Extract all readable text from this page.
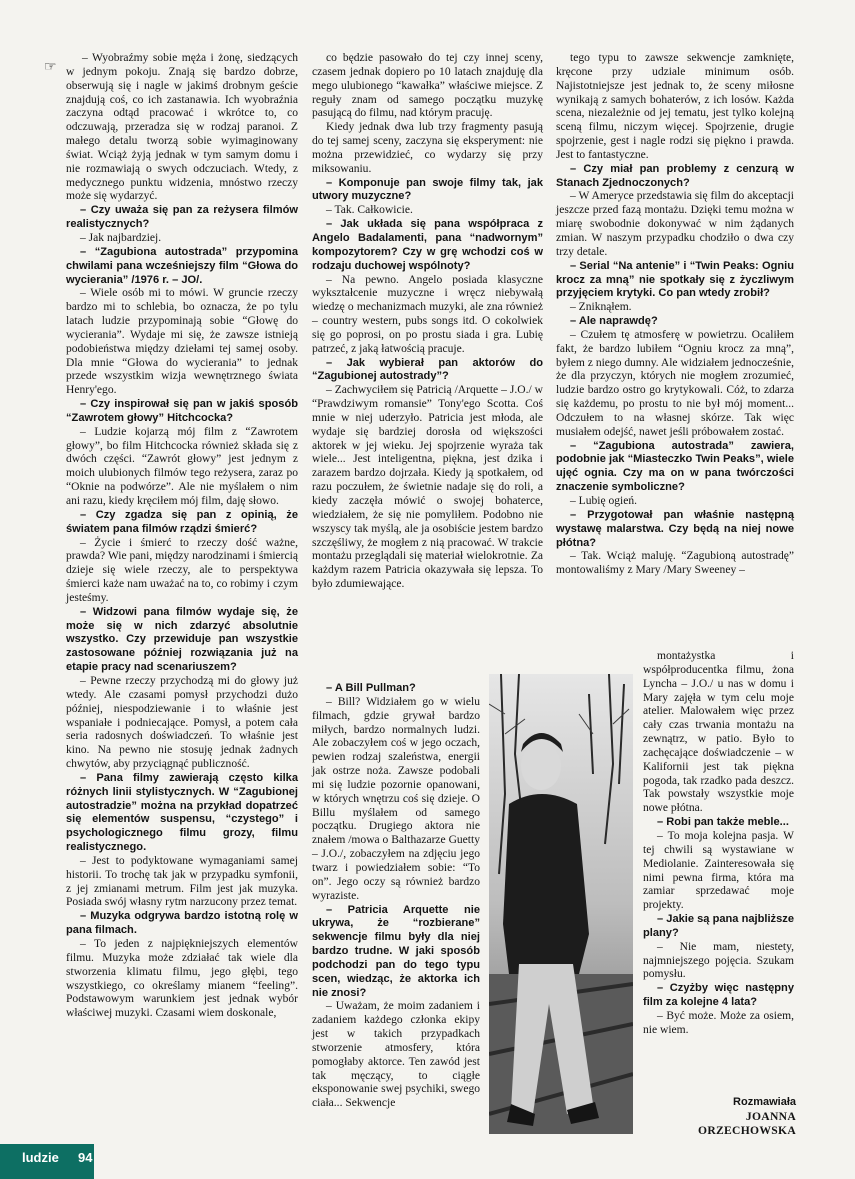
☞

– Wyobraźmy sobie męża i żonę, siedzących w jednym pokoju. Znają się bardzo dobrze, obserwują się i nagle w jakimś drobnym geście znajdują coś, co ich zastanawia. Ich wyobraźnia zaczyna odtąd pracować i wkrótce to, co odczuwają, przeradza się w rodzaj paranoi. Z małego detalu tworzą sobie wyimaginowany świat. Wciąż żyją jednak w tym samym domu i nie rozmawiają o swych odczuciach. Wtedy, z medycznego punktu widzenia, mnóstwo rzeczy może się wydarzyć.

– Czy uważa się pan za reżysera filmów realistycznych?

– Jak najbardziej.

– “Zagubiona autostrada” przypomina chwilami pana wcześniejszy film “Głowa do wycierania” /1976 r. – JO/.

– Wiele osób mi to mówi. W gruncie rzeczy bardzo mi to schlebia, bo oznacza, że po tylu latach ludzie przypominają sobie “Głowę do wycierania”. Wydaje mi się, że zawsze istnieją podobieństwa między dziełami tej samej osoby. Dla mnie “Głowa do wycierania” to jednak przede wszystkim wizja wewnętrznego świata Henry'ego.

– Czy inspirował się pan w jakiś sposób “Zawrotem głowy” Hitchcocka?

– Ludzie kojarzą mój film z “Zawrotem głowy”, bo film Hitchcocka również składa się z dwóch części. “Zawrót głowy” jest jednym z moich ulubionych filmów tego reżysera, zaraz po “Oknie na podwórze”. Ale nie myślałem o nim ani razu, kiedy kręciłem mój film, daję słowo.

– Czy zgadza się pan z opinią, że światem pana filmów rządzi śmierć?

– Życie i śmierć to rzeczy dość ważne, prawda? Wie pani, między narodzinami i śmiercią dzieje się wiele rzeczy, ale to perspektywa śmierci każe nam uważać na to, co robimy i czym jesteśmy.

– Widzowi pana filmów wydaje się, że może się w nich zdarzyć absolutnie wszystko. Czy przewiduje pan wszystkie zastosowane później rozwiązania już na etapie pracy nad scenariuszem?

– Pewne rzeczy przychodzą mi do głowy już wtedy. Ale czasami pomysł przychodzi dużo później, niespodziewanie i to właśnie jest wspaniałe i podniecające. Pomysł, a potem cała seria radosnych doświadczeń. To właśnie jest kino. Na pewno nie stosuję jednak żadnych chwytów, aby przyciągnąć publiczność.

– Pana filmy zawierają często kilka różnych linii stylistycznych. W “Zagubionej autostradzie” można na przykład dopatrzeć się elementów suspensu, “czystego” i psychologicznego filmu grozy, filmu realistycznego.

– Jest to podyktowane wymaganiami samej historii. To trochę tak jak w przypadku symfonii, z jej zmianami metrum. Film jest jak muzyka. Posiada swój własny rytm narzucony przez temat.

– Muzyka odgrywa bardzo istotną rolę w pana filmach.

– To jeden z najpiękniejszych elementów filmu. Muzyka może zdziałać tak wiele dla stworzenia klimatu filmu, jego głębi, tego wszystkiego, co określamy mianem “feeling”. Podstawowym warunkiem jest jednak wybór właściwej muzyki. Czasami wiem doskonale,

co będzie pasowało do tej czy innej sceny, czasem jednak dopiero po 10 latach znajduję dla mego ulubionego “kawałka” właściwe miejsce. Z reguły znam od samego początku muzykę pasującą do filmu, nad którym pracuję.

Kiedy jednak dwa lub trzy fragmenty pasują do tej samej sceny, zaczyna się eksperyment: nie można przewidzieć, co wydarzy się przy miksowaniu.

– Komponuje pan swoje filmy tak, jak utwory muzyczne?

– Tak. Całkowicie.

– Jak układa się pana współpraca z Angelo Badalamenti, pana “nadwornym” kompozytorem? Czy w grę wchodzi coś w rodzaju duchowej wspólnoty?

– Na pewno. Angelo posiada klasyczne wykształcenie muzyczne i wręcz niebywałą wiedzę o mechanizmach muzyki, ale zna również – country western, pubs songs itd. O cokolwiek się go poprosi, on po prostu siada i gra. Lubię patrzeć, z jaką łatwością pracuje.

– Jak wybierał pan aktorów do “Zagubionej autostrady”?

– Zachwyciłem się Patricią /Arquette – J.O./ w “Prawdziwym romansie” Tony'ego Scotta. Coś mnie w niej uderzyło. Patricia jest młoda, ale wydaje się bardziej dorosła od większości aktorek w jej wieku. Jej spojrzenie wyraża tak wiele... Jest inteligentna, piękna, jest dzika i zarazem bardzo dojrzała. Kiedy ją spotkałem, od razu poczułem, że świetnie nadaje się do roli, a kiedy zaczęła mówić o swojej bohaterce, wiedziałem, że się nie pomyliłem. Podobno nie wszyscy tak myślą, ale ja osobiście jestem bardzo szczęśliwy, że mogłem z nią pracować. W trakcie montażu przeglądali się materiał wielokrotnie. Za każdym razem Patricia okazywała się lepsza. To było zdumiewające.

– A Bill Pullman?

– Bill? Widziałem go w wielu filmach, gdzie grywał bardzo miłych, bardzo normalnych ludzi. Ale zobaczyłem coś w jego oczach, pewien rodzaj szaleństwa, energii jak ostrze noża. Zawsze podobali mi się ludzie pozornie opanowani, w których wnętrzu coś się dzieje. O Billu myślałem od samego początku. Drugiego aktora nie znałem /mowa o Balthazarze Guetty – J.O./, zobaczyłem na zdjęciu jego twarz i powiedziałem sobie: “To on”. Jego oczy są również bardzo wyraziste.

– Patricia Arquette nie ukrywa, że “rozbierane” sekwencje filmu były dla niej bardzo trudne. W jaki sposób podchodzi pan do tego typu scen, wiedząc, że aktorka ich nie znosi?

– Uważam, że moim zadaniem i zadaniem każdego członka ekipy jest w takich przypadkach stworzenie atmosfery, która pomogłaby aktorce. Ten zawód jest tak męczący, to ciągłe eksponowanie swej psychiki, swego ciała... Sekwencje

tego typu to zawsze sekwencje zamknięte, kręcone przy udziale minimum osób. Najistotniejsze jest jednak to, że sceny miłosne wynikają z samych bohaterów, z ich losów. Każda scena, niezależnie od jej tematu, jest tylko kolejną sceną filmu, niczym więcej. Spojrzenie, drugie spojrzenie, gest i nagle rodzi się piękno i prawda. Jest to fantastyczne.

– Czy miał pan problemy z cenzurą w Stanach Zjednoczonych?

– W Ameryce przedstawia się film do akceptacji jeszcze przed fazą montażu. Dzięki temu można w miarę swobodnie dokonywać w nim żądanych zmian. W naszym przypadku chodziło o dwa czy trzy detale.

– Serial “Na antenie” i “Twin Peaks: Ogniu krocz za mną” nie spotkały się z życzliwym przyjęciem krytyki. Co pan wtedy zrobił?

– Zniknąłem.

– Ale naprawdę?

– Czułem tę atmosferę w powietrzu. Ocaliłem fakt, że bardzo lubiłem “Ogniu krocz za mną”, byłem z niego dumny. Ale widziałem jednocześnie, że dla przyczyn, których nie mogłem zrozumieć, ludzie bardzo ostro go krytykowali. Cóż, to zdarza się każdemu, po prostu to nie był mój moment... Odczułem to na własnej skórze. Tak więc musiałem odejść, nawet jeśli próbowałem zostać.

– “Zagubiona autostrada” zawiera, podobnie jak “Miasteczko Twin Peaks”, wiele ujęć ognia. Czy ma on w pana twórczości znaczenie symboliczne?

– Lubię ogień.

– Przygotował pan właśnie następną wystawę malarstwa. Czy będą na niej nowe płótna?

– Tak. Wciąż maluję. “Zagubioną autostradę” montowaliśmy z Mary /Mary Sweeney –

montażystka i współproducentka filmu, żona Lyncha – J.O./ u nas w domu i Mary zajęła w tym celu moje atelier. Malowałem więc przez cały czas trwania montażu na zewnątrz, w patio. Było to zachęcające doświadczenie – w Kalifornii jest tak piękna pogoda, tak rzadko pada deszcz. Tak powstały wszystkie moje nowe płótna.

– Robi pan także meble...

– To moja kolejna pasja. W tej chwili są wystawiane w Mediolanie. Zainteresowała się nimi pewna firma, która ma zamiar sprzedawać moje projekty.

– Jakie są pana najbliższe plany?

– Nie mam, niestety, najmniejszego pojęcia. Szukam pomysłu.

– Czyżby więc następny film za kolejne 4 lata?

– Być może. Może za osiem, nie wiem.

Rozmawiała
JOANNA
ORZECHOWSKA
ludzie 94
